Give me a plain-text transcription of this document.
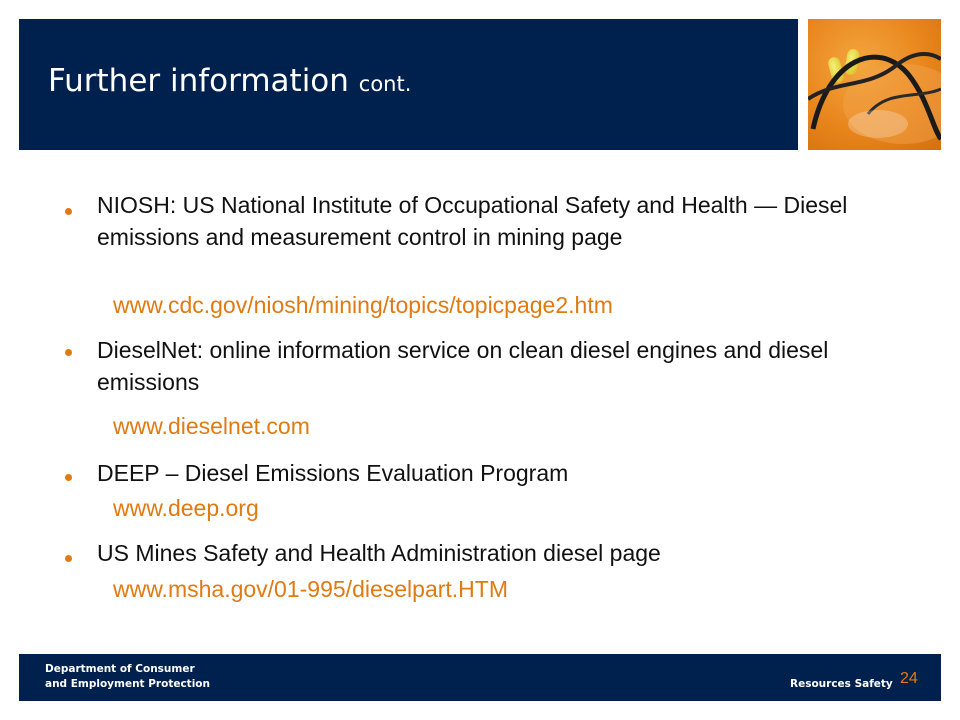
Further information cont.
NIOSH: US National Institute of Occupational Safety and Health — Diesel emissions and measurement control in mining page
www.cdc.gov/niosh/mining/topics/topicpage2.htm
DieselNet: online information service on clean diesel engines and diesel emissions
www.dieselnet.com
DEEP – Diesel Emissions Evaluation Program
www.deep.org
US Mines Safety and Health Administration diesel page
www.msha.gov/01-995/dieselpart.HTM
Department of Consumer
and Employment Protection	Resources Safety 24
